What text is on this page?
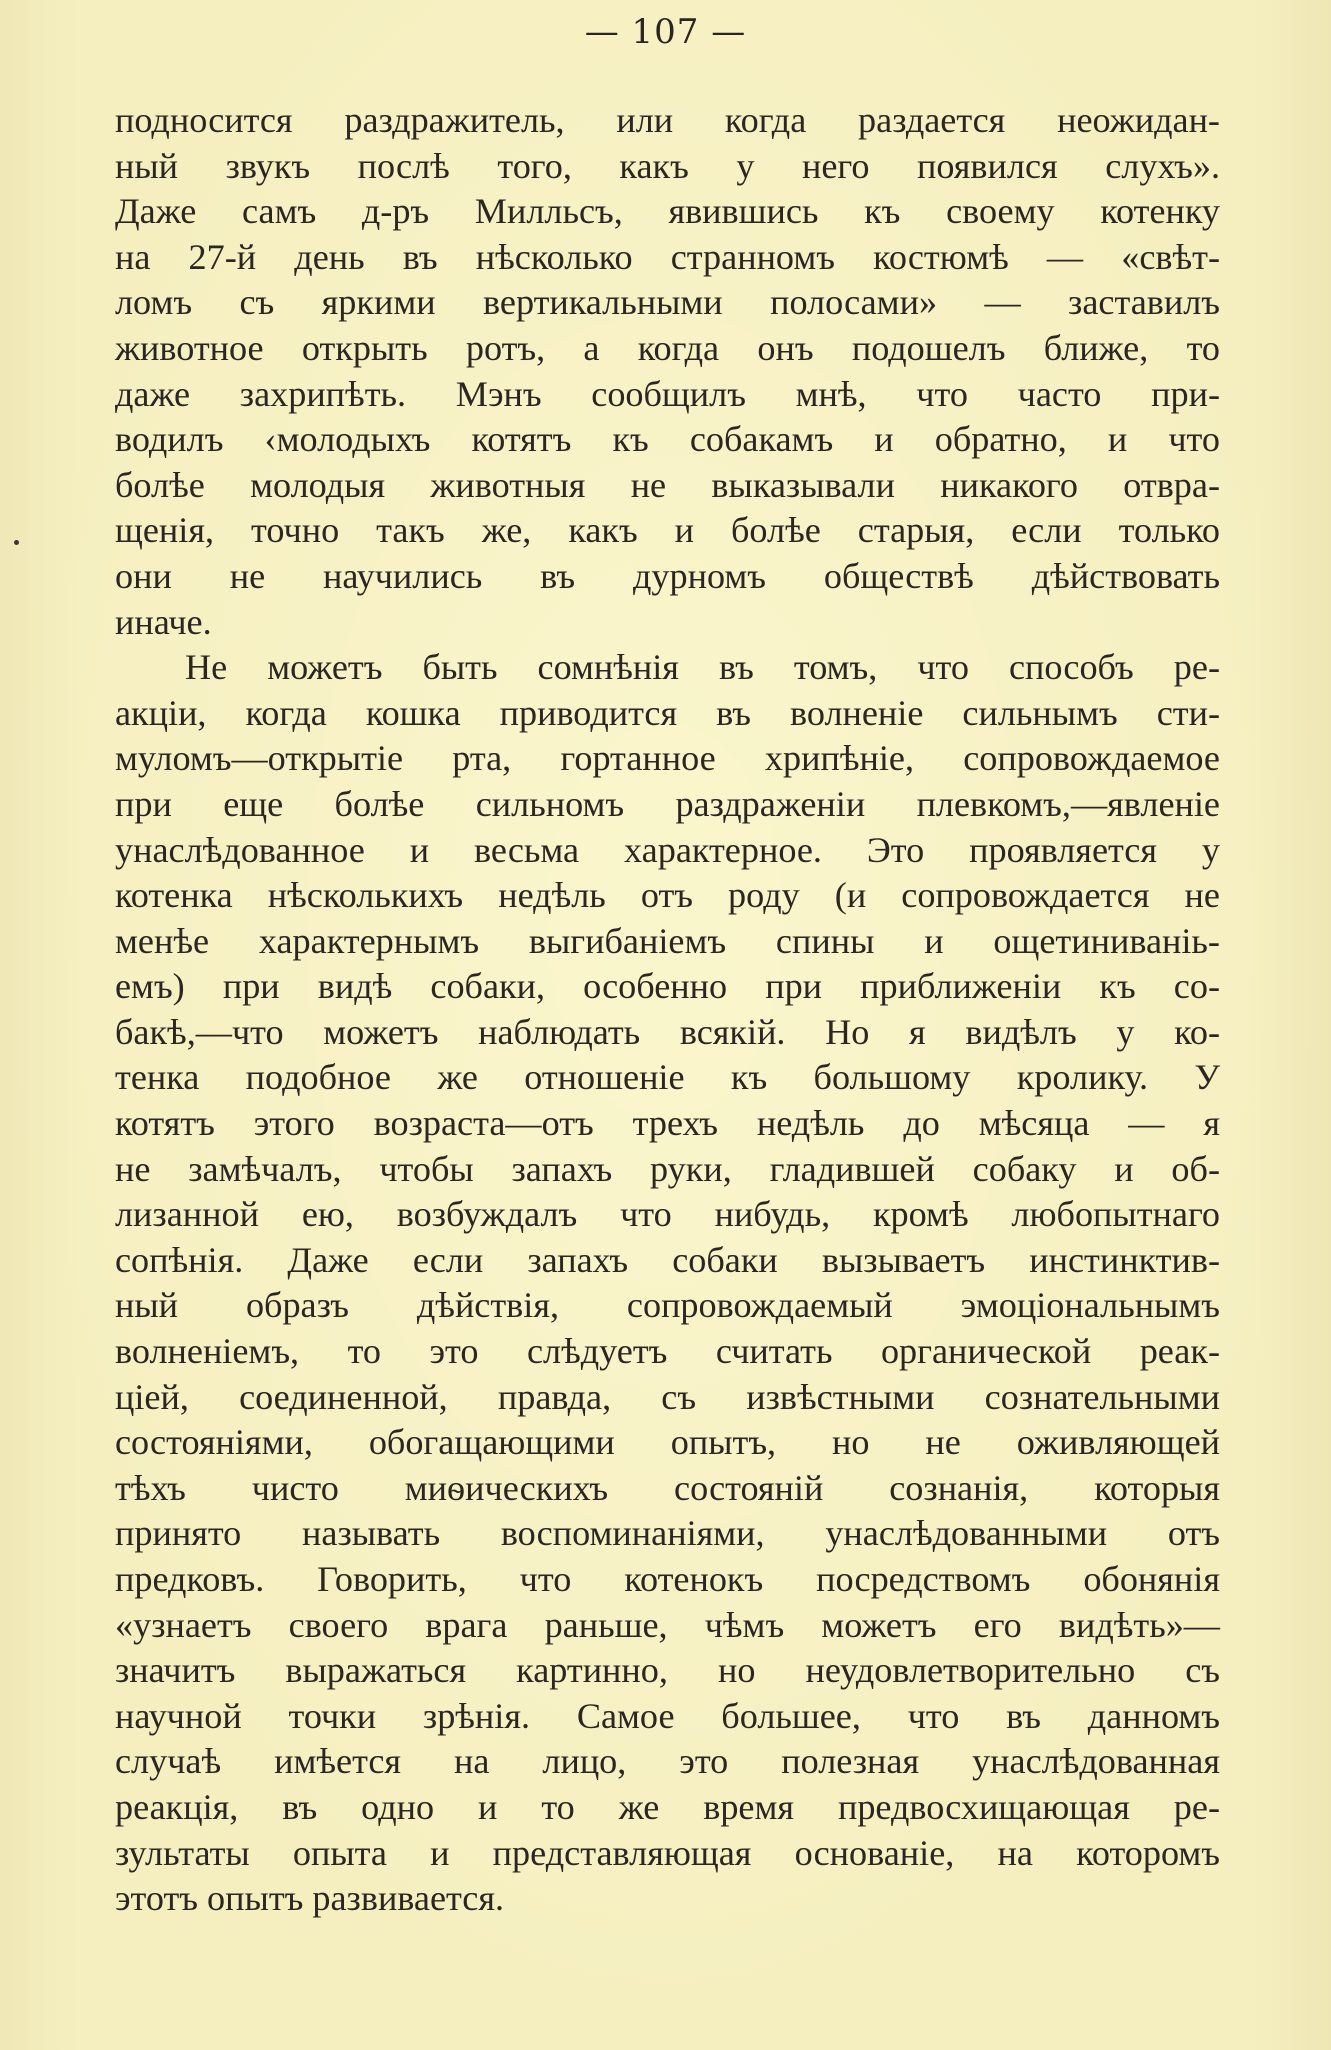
— 107 —
подносится раздражитель, или когда раздается неожидан-
ный звукъ послѣ того, какъ у него появился слухъ».
Даже самъ д-ръ Милльсъ, явившись къ своему котенку
на 27-й день въ нѣсколько странномъ костюмѣ — «свѣт-
ломъ съ яркими вертикальными полосами» — заставилъ
животное открыть ротъ, а когда онъ подошелъ ближе, то
даже захрипѣть. Мэнъ сообщилъ мнѣ, что часто при-
водилъ ‹молодыхъ котятъ къ собакамъ и обратно, и что
болѣе молодыя животныя не выказывали никакого отвра-
щенія, точно такъ же, какъ и болѣе старыя, если только
они не научились въ дурномъ обществѣ дѣйствовать
иначе.
Не можетъ быть сомнѣнія въ томъ, что способъ ре-
акціи, когда кошка приводится въ волненіе сильнымъ сти-
муломъ—открытіе рта, гортанное хрипѣніе, сопровождаемое
при еще болѣе сильномъ раздраженіи плевкомъ,—явленіе
унаслѣдованное и весьма характерное. Это проявляется у
котенка нѣсколькихъ недѣль отъ роду (и сопровождается не
менѣе характернымъ выгибаніемъ спины и ощетиниваніь-
емъ) при видѣ собаки, особенно при приближеніи къ со-
бакѣ,—что можетъ наблюдать всякій. Но я видѣлъ у ко-
тенка подобное же отношеніе къ большому кролику. У
котятъ этого возраста—отъ трехъ недѣль до мѣсяца — я
не замѣчалъ, чтобы запахъ руки, гладившей собаку и об-
лизанной ею, возбуждалъ что нибудь, кромѣ любопытнаго
сопѣнія. Даже если запахъ собаки вызываетъ инстинктив-
ный образъ дѣйствія, сопровождаемый эмоціональнымъ
волненіемъ, то это слѣдуетъ считать органической реак-
ціей, соединенной, правда, съ извѣстными сознательными
состояніями, обогащающими опытъ, но не оживляющей
тѣхъ чисто миѳическихъ состояній сознанія, которыя
принято называть воспоминаніями, унаслѣдованными отъ
предковъ. Говорить, что котенокъ посредствомъ обонянія
«узнаетъ своего врага раньше, чѣмъ можетъ его видѣть»—
значитъ выражаться картинно, но неудовлетворительно съ
научной точки зрѣнія. Самое большее, что въ данномъ
случаѣ имѣется на лицо, это полезная унаслѣдованная
реакція, въ одно и то же время предвосхищающая ре-
зультаты опыта и представляющая основаніе, на которомъ
этотъ опытъ развивается.
